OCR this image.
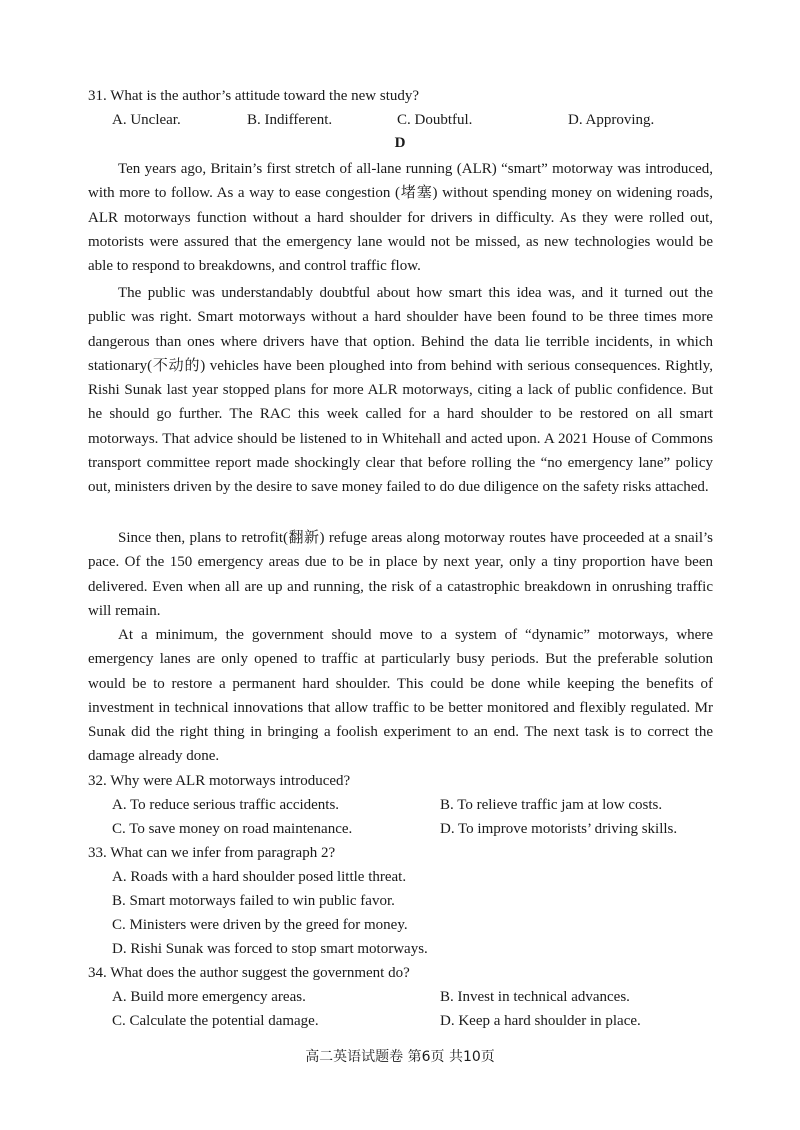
31. What is the author’s attitude toward the new study?
A. Unclear.	B. Indifferent.	C. Doubtful.	D. Approving.
D

Ten years ago, Britain’s first stretch of all-lane running (ALR) “smart” motorway was introduced, with more to follow. As a way to ease congestion (堵塞) without spending money on widening roads, ALR motorways function without a hard shoulder for drivers in difficulty. As they were rolled out, motorists were assured that the emergency lane would not be missed, as new technologies would be able to respond to breakdowns, and control traffic flow.

The public was understandably doubtful about how smart this idea was, and it turned out the public was right. Smart motorways without a hard shoulder have been found to be three times more dangerous than ones where drivers have that option. Behind the data lie terrible incidents, in which stationary(不动的) vehicles have been ploughed into from behind with serious consequences. Rightly, Rishi Sunak last year stopped plans for more ALR motorways, citing a lack of public confidence. But he should go further. The RAC this week called for a hard shoulder to be restored on all smart motorways. That advice should be listened to in Whitehall and acted upon. A 2021 House of Commons transport committee report made shockingly clear that before rolling the “no emergency lane” policy out, ministers driven by the desire to save money failed to do due diligence on the safety risks attached.

Since then, plans to retrofit(翻新) refuge areas along motorway routes have proceeded at a snail’s pace. Of the 150 emergency areas due to be in place by next year, only a tiny proportion have been delivered. Even when all are up and running, the risk of a catastrophic breakdown in onrushing traffic will remain.

At a minimum, the government should move to a system of “dynamic” motorways, where emergency lanes are only opened to traffic at particularly busy periods. But the preferable solution would be to restore a permanent hard shoulder. This could be done while keeping the benefits of investment in technical innovations that allow traffic to be better monitored and flexibly regulated. Mr Sunak did the right thing in bringing a foolish experiment to an end. The next task is to correct the damage already done.

32. Why were ALR motorways introduced?
A. To reduce serious traffic accidents.	B. To relieve traffic jam at low costs.
C. To save money on road maintenance.	D. To improve motorists’ driving skills.
33. What can we infer from paragraph 2?
A. Roads with a hard shoulder posed little threat.
B. Smart motorways failed to win public favor.
C. Ministers were driven by the greed for money.
D. Rishi Sunak was forced to stop smart motorways.
34. What does the author suggest the government do?
A. Build more emergency areas.	B. Invest in technical advances.
C. Calculate the potential damage.	D. Keep a hard shoulder in place.
高二英语试题卷 第6页 共10页
